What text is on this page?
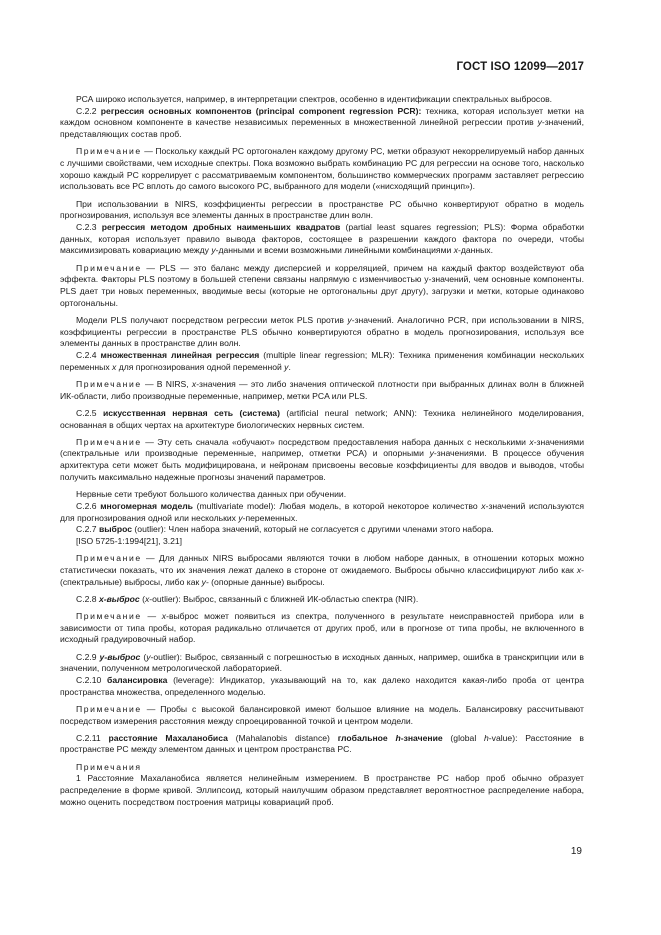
ГОСТ ISO 12099—2017

РСА широко используется, например, в интерпретации спектров, особенно в идентификации спектральных выбросов.

С.2.2 регрессия основных компонентов (principal component regression PCR): техника, которая использует метки на каждом основном компоненте в качестве независимых переменных в множественной линейной регрессии против у-значений, представляющих состав проб.

Примечание — Поскольку каждый PC ортогонален каждому другому PC, метки образуют некоррелируемый набор данных с лучшими свойствами, чем исходные спектры. Пока возможно выбрать комбинацию PC для регрессии на основе того, насколько хорошо каждый PC коррелирует с рассматриваемым компонентом, большинство коммерческих программ заставляет регрессию использовать все PC вплоть до самого высокого PC, выбранного для модели («нисходящий принцип»).

При использовании в NIRS, коэффициенты регрессии в пространстве PC обычно конвертируют обратно в модель прогнозирования, используя все элементы данных в пространстве длин волн.

С.2.3 регрессия методом дробных наименьших квадратов (partial least squares regression; PLS): Форма обработки данных, которая использует правило вывода факторов, состоящее в разрешении каждого фактора по очереди, чтобы максимизировать ковариацию между у-данными и всеми возможными линейными комбинациями х-данных.

Примечание — PLS — это баланс между дисперсией и корреляцией, причем на каждый фактор воздействуют оба эффекта. Факторы PLS поэтому в большей степени связаны напрямую с изменчивостью у-значений, чем основные компоненты. PLS дает три новых переменных, вводимые весы (которые не ортогональны друг другу), загрузки и метки, которые одинаково ортогональны.

Модели PLS получают посредством регрессии меток PLS против у-значений. Аналогично PCR, при использовании в NIRS, коэффициенты регрессии в пространстве PLS обычно конвертируются обратно в модель прогнозирования, используя все элементы данных в пространстве длин волн.

С.2.4 множественная линейная регрессия (multiple linear regression; MLR): Техника применения комбинации нескольких переменных х для прогнозирования одной переменной у.

Примечание — В NIRS, х-значения — это либо значения оптической плотности при выбранных длинах волн в ближней ИК-области, либо производные переменные, например, метки PCA или PLS.

С.2.5 искусственная нервная сеть (система) (artificial neural network; ANN): Техника нелинейного моделирования, основанная в общих чертах на архитектуре биологических нервных систем.

Примечание — Эту сеть сначала «обучают» посредством предоставления набора данных с несколькими х-значениями (спектральные или производные переменные, например, отметки PCA) и опорными у-значениями. В процессе обучения архитектура сети может быть модифицирована, и нейронам присвоены весовые коэффициенты для вводов и выводов, чтобы получить максимально надежные прогнозы значений параметров.

Нервные сети требуют большого количества данных при обучении.

С.2.6 многомерная модель (multivariate model): Любая модель, в которой некоторое количество х-значений используются для прогнозирования одной или нескольких у-переменных.

С.2.7 выброс (outlier): Член набора значений, который не согласуется с другими членами этого набора.

[ISO 5725-1:1994[21], 3.21]

Примечание — Для данных NIRS выбросами являются точки в любом наборе данных, в отношении которых можно статистически показать, что их значения лежат далеко в стороне от ожидаемого. Выбросы обычно классифицируют либо как х- (спектральные) выбросы, либо как у- (опорные данные) выбросы.

С.2.8 х-выброс (х-outlier): Выброс, связанный с ближней ИК-областью спектра (NIR).

Примечание — х-выброс может появиться из спектра, полученного в результате неисправностей прибора или в зависимости от типа пробы, которая радикально отличается от других проб, или в прогнозе от типа пробы, не включенного в исходный градуировочный набор.

С.2.9 у-выброс (у-outlier): Выброс, связанный с погрешностью в исходных данных, например, ошибка в транскрипции или в значении, полученном метрологической лабораторией.

С.2.10 балансировка (leverage): Индикатор, указывающий на то, как далеко находится какая-либо проба от центра пространства множества, определенного моделью.

Примечание — Пробы с высокой балансировкой имеют большое влияние на модель. Балансировку рассчитывают посредством измерения расстояния между спроецированной точкой и центром модели.

С.2.11 расстояние Махаланобиса (Mahalanobis distance) глобальное h-значение (global h-value): Расстояние в пространстве PC между элементом данных и центром пространства PC.

Примечания

1 Расстояние Махаланобиса является нелинейным измерением. В пространстве PC набор проб обычно образует распределение в форме кривой. Эллипсоид, который наилучшим образом представляет вероятностное распределение набора, можно оценить посредством построения матрицы ковариаций проб.

19
